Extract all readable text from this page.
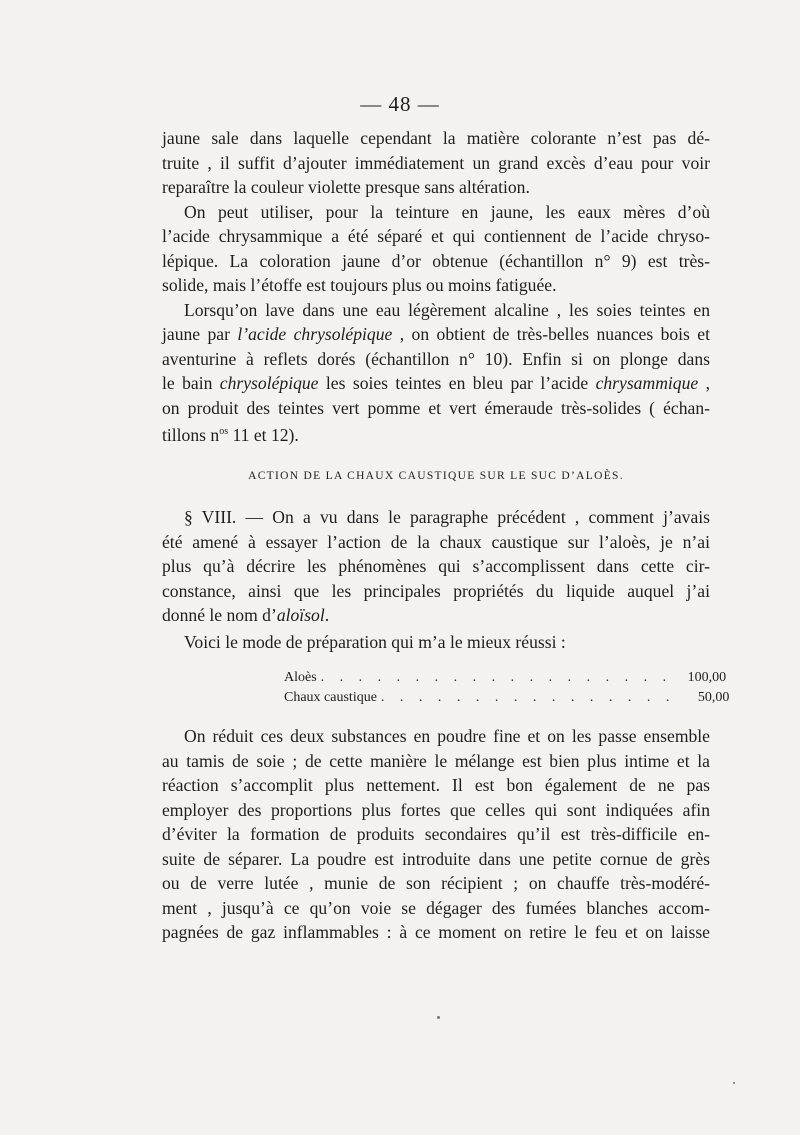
— 48 —
jaune sale dans laquelle cependant la matière colorante n’est pas dé-
truite , il suffit d’ajouter immédiatement un grand excès d’eau pour voir
reparaître la couleur violette presque sans altération.
On peut utiliser, pour la teinture en jaune, les eaux mères d’où
l’acide chrysammique a été séparé et qui contiennent de l’acide chryso-
lépique. La coloration jaune d’or obtenue (échantillon n° 9) est très-
solide, mais l’étoffe est toujours plus ou moins fatiguée.
Lorsqu’on lave dans une eau légèrement alcaline , les soies teintes en
jaune par l’acide chrysolépique , on obtient de très-belles nuances bois et
aventurine à reflets dorés (échantillon n° 10). Enfin si on plonge dans
le bain chrysolépique les soies teintes en bleu par l’acide chrysammique ,
on produit des teintes vert pomme et vert émeraude très-solides ( échan-
tillons $n^{os}$ 11 et 12).
ACTION DE LA CHAUX CAUSTIQUE SUR LE SUC D’ALOÈS.
§ VIII. — On a vu dans le paragraphe précédent , comment j’avais
été amené à essayer l’action de la chaux caustique sur l’aloès, je n’ai
plus qu’à décrire les phénomènes qui s’accomplissent dans cette cir-
constance, ainsi que les principales propriétés du liquide auquel j’ai
donné le nom d’aloïsol.
Voici le mode de préparation qui m’a le mieux réussi :
Aloès . . . . . . . . . . . . . . . . . . .	100,00
Chaux caustique . . . . . . . . . . . . . . . .	50,00
On réduit ces deux substances en poudre fine et on les passe ensemble
au tamis de soie ; de cette manière le mélange est bien plus intime et la
réaction s’accomplit plus nettement. Il est bon également de ne pas
employer des proportions plus fortes que celles qui sont indiquées afin
d’éviter la formation de produits secondaires qu’il est très-difficile en-
suite de séparer. La poudre est introduite dans une petite cornue de grès
ou de verre lutée , munie de son récipient ; on chauffe très-modéré-
ment , jusqu’à ce qu’on voie se dégager des fumées blanches accom-
pagnées de gaz inflammables : à ce moment on retire le feu et on laisse
